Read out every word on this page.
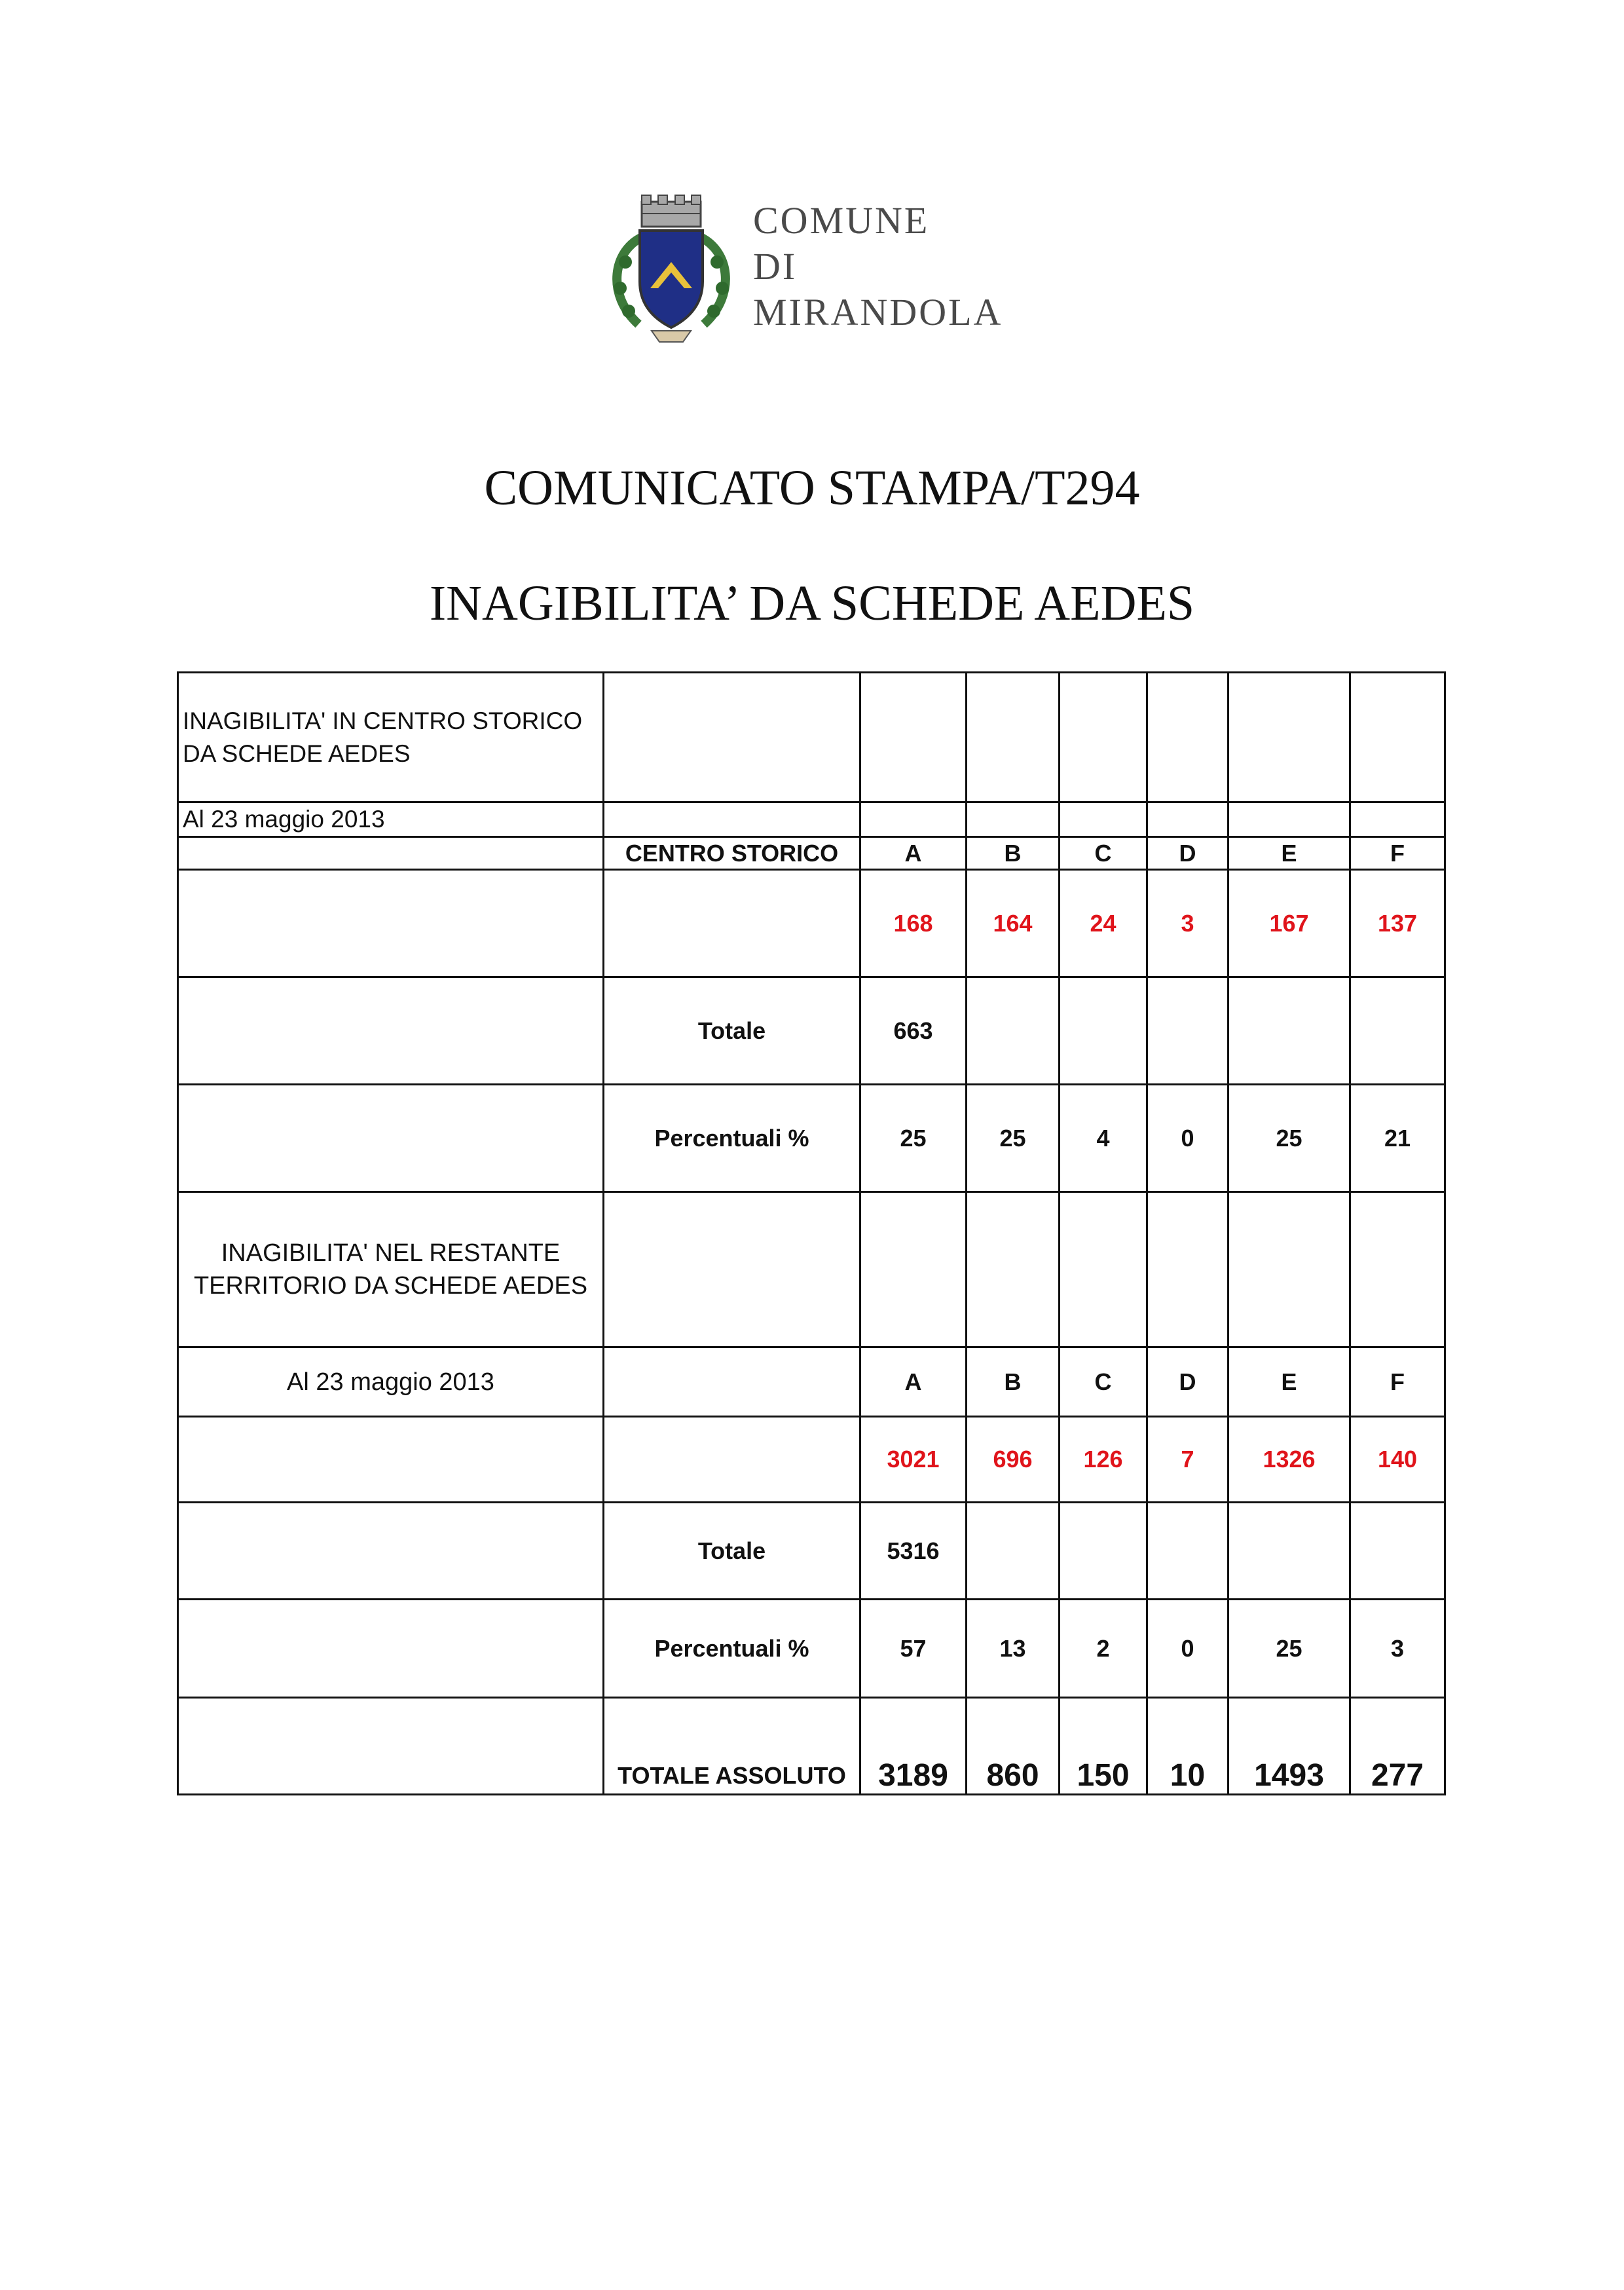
COMUNE
DI
MIRANDOLA
COMUNICATO STAMPA/T294
INAGIBILITA’ DA SCHEDE AEDES
INAGIBILITA' IN CENTRO STORICO DA SCHEDE AEDES							
Al 23 maggio 2013							
	CENTRO STORICO	A	B	C	D	E	F
		168	164	24	3	167	137
	Totale	663					
	Percentuali %	25	25	4	0	25	21
INAGIBILITA' NEL RESTANTE TERRITORIO DA SCHEDE AEDES							
Al 23 maggio 2013		A	B	C	D	E	F
		3021	696	126	7	1326	140
	Totale	5316					
	Percentuali %	57	13	2	0	25	3
	TOTALE ASSOLUTO	3189	860	150	10	1493	277
